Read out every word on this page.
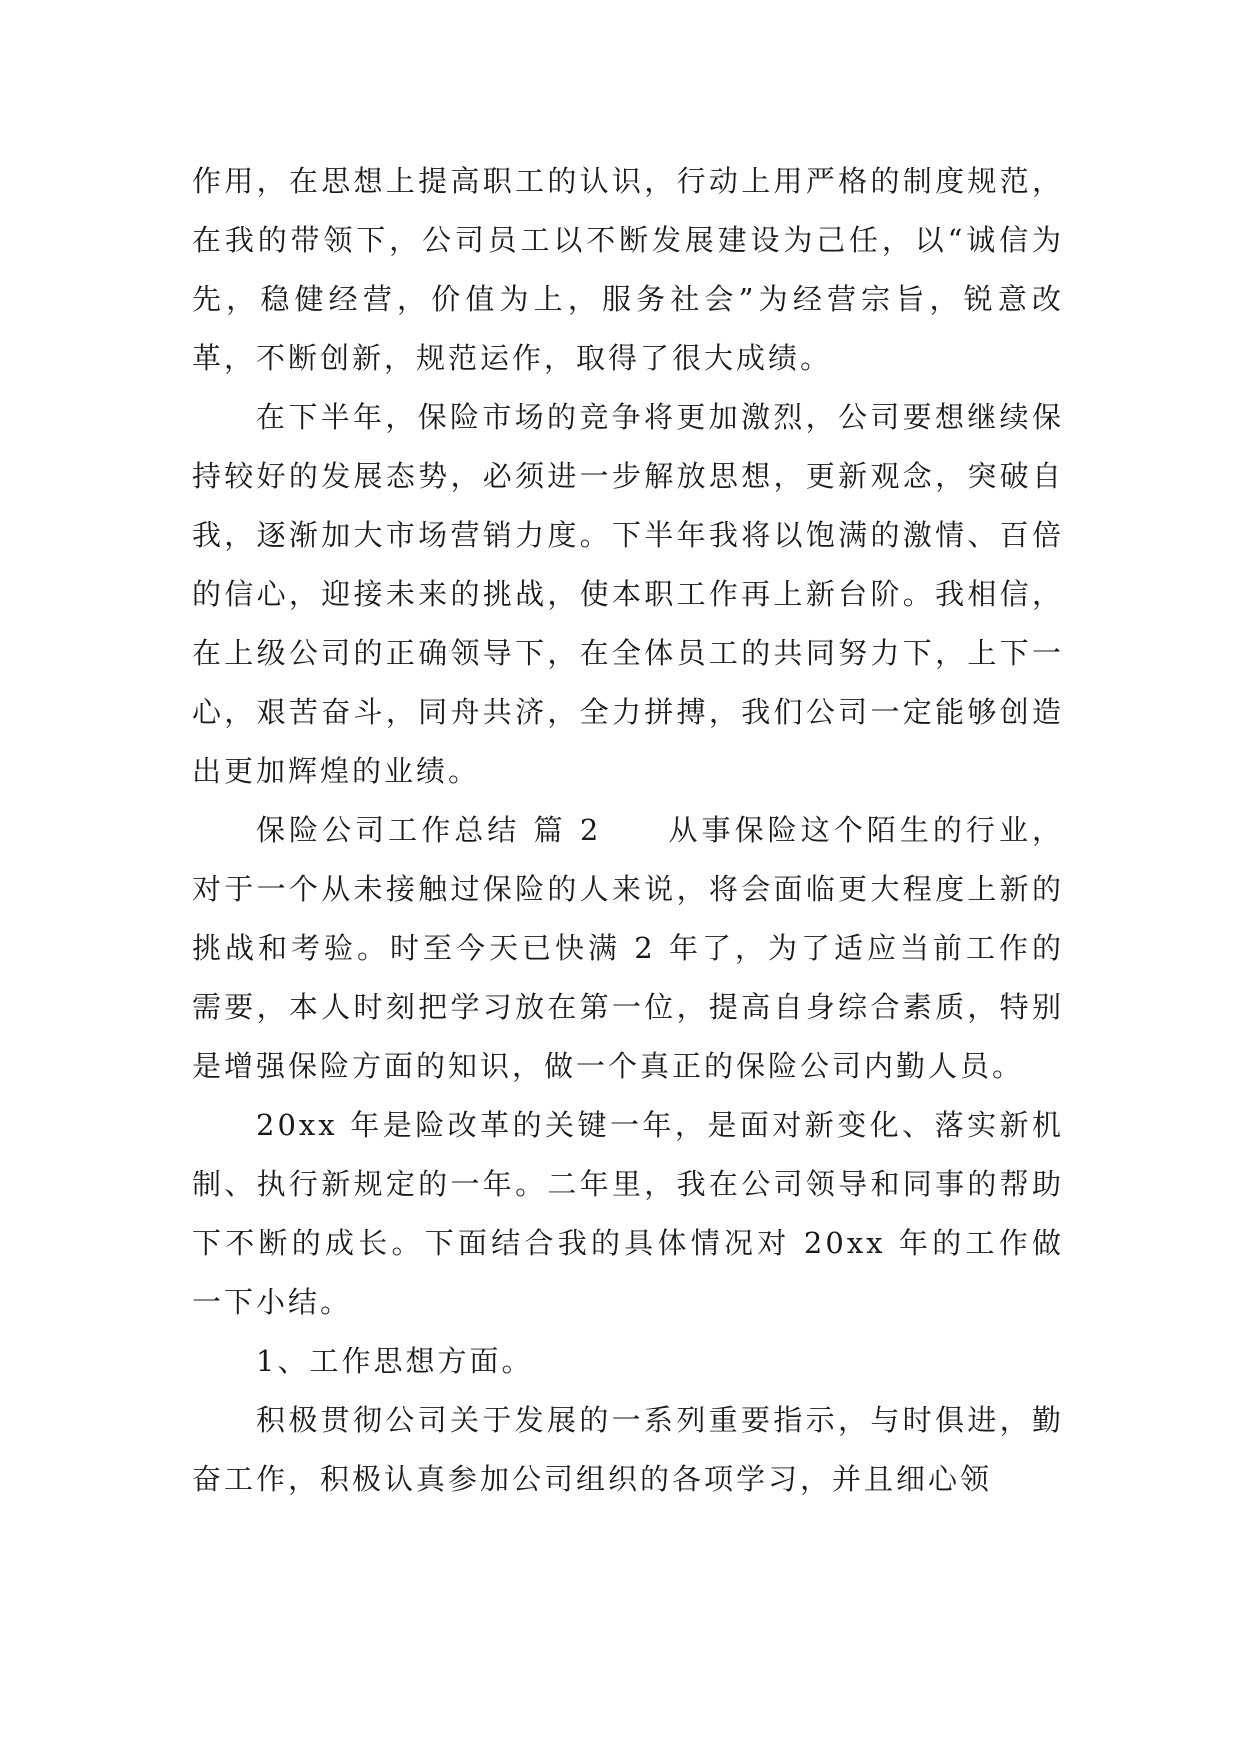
作用，在思想上提高职工的认识，行动上用严格的制度规范，在我的带领下，公司员工以不断发展建设为己任，以“诚信为先，稳健经营，价值为上，服务社会”为经营宗旨，锐意改革，不断创新，规范运作，取得了很大成绩。

在下半年，保险市场的竞争将更加激烈，公司要想继续保持较好的发展态势，必须进一步解放思想，更新观念，突破自我，逐渐加大市场营销力度。下半年我将以饱满的激情、百倍的信心，迎接未来的挑战，使本职工作再上新台阶。我相信，在上级公司的正确领导下，在全体员工的共同努力下，上下一心，艰苦奋斗，同舟共济，全力拼搏，我们公司一定能够创造出更加辉煌的业绩。

保险公司工作总结 篇 2　　从事保险这个陌生的行业，对于一个从未接触过保险的人来说，将会面临更大程度上新的挑战和考验。时至今天已快满 2 年了，为了适应当前工作的需要，本人时刻把学习放在第一位，提高自身综合素质，特别是增强保险方面的知识，做一个真正的保险公司内勤人员。

20xx 年是险改革的关键一年，是面对新变化、落实新机制、执行新规定的一年。二年里，我在公司领导和同事的帮助下不断的成长。下面结合我的具体情况对 20xx 年的工作做一下小结。

1、工作思想方面。

积极贯彻公司关于发展的一系列重要指示，与时俱进，勤奋工作，积极认真参加公司组织的各项学习，并且细心领
